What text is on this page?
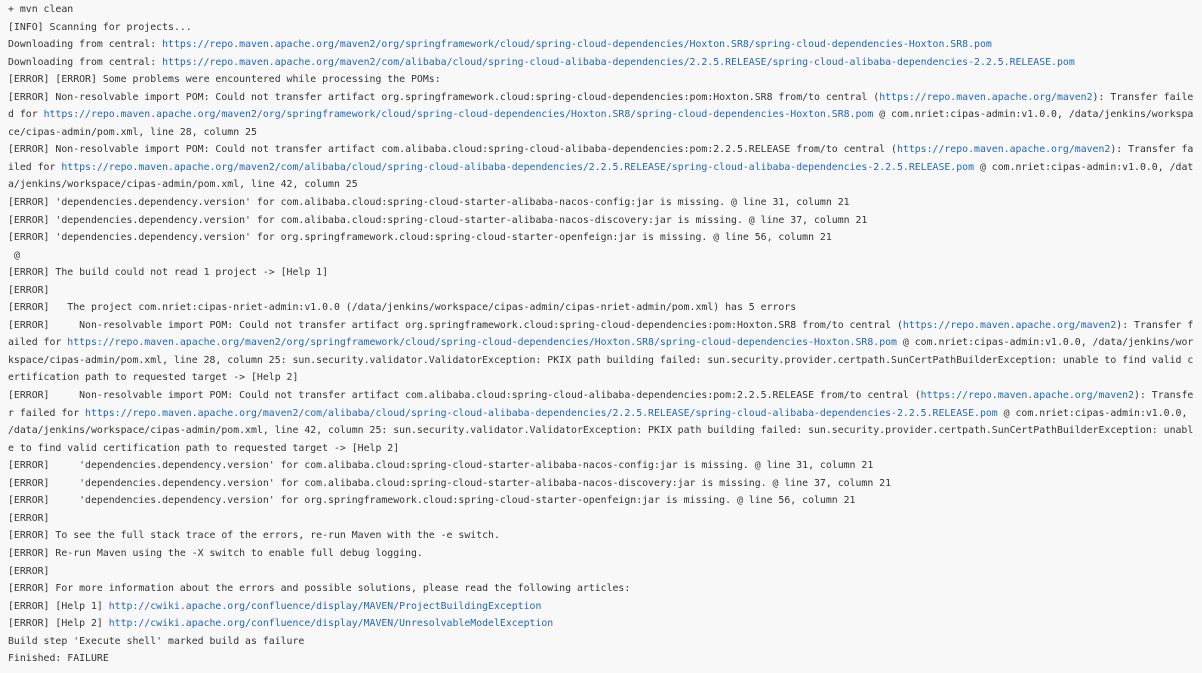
+ mvn clean
[INFO] Scanning for projects...
Downloading from central: https://repo.maven.apache.org/maven2/org/springframework/cloud/spring-cloud-dependencies/Hoxton.SR8/spring-cloud-dependencies-Hoxton.SR8.pom
Downloading from central: https://repo.maven.apache.org/maven2/com/alibaba/cloud/spring-cloud-alibaba-dependencies/2.2.5.RELEASE/spring-cloud-alibaba-dependencies-2.2.5.RELEASE.pom
[ERROR] [ERROR] Some problems were encountered while processing the POMs:
[ERROR] Non-resolvable import POM: Could not transfer artifact org.springframework.cloud:spring-cloud-dependencies:pom:Hoxton.SR8 from/to central (https://repo.maven.apache.org/maven2): Transfer failed for https://repo.maven.apache.org/maven2/org/springframework/cloud/spring-cloud-dependencies/Hoxton.SR8/spring-cloud-dependencies-Hoxton.SR8.pom @ com.nriet:cipas-admin:v1.0.0, /data/jenkins/workspace/cipas-admin/pom.xml, line 28, column 25
[ERROR] Non-resolvable import POM: Could not transfer artifact com.alibaba.cloud:spring-cloud-alibaba-dependencies:pom:2.2.5.RELEASE from/to central (https://repo.maven.apache.org/maven2): Transfer failed for https://repo.maven.apache.org/maven2/com/alibaba/cloud/spring-cloud-alibaba-dependencies/2.2.5.RELEASE/spring-cloud-alibaba-dependencies-2.2.5.RELEASE.pom @ com.nriet:cipas-admin:v1.0.0, /data/jenkins/workspace/cipas-admin/pom.xml, line 42, column 25
[ERROR] 'dependencies.dependency.version' for com.alibaba.cloud:spring-cloud-starter-alibaba-nacos-config:jar is missing. @ line 31, column 21
[ERROR] 'dependencies.dependency.version' for com.alibaba.cloud:spring-cloud-starter-alibaba-nacos-discovery:jar is missing. @ line 37, column 21
[ERROR] 'dependencies.dependency.version' for org.springframework.cloud:spring-cloud-starter-openfeign:jar is missing. @ line 56, column 21
@
[ERROR] The build could not read 1 project -> [Help 1]
[ERROR]
[ERROR]   The project com.nriet:cipas-nriet-admin:v1.0.0 (/data/jenkins/workspace/cipas-admin/cipas-nriet-admin/pom.xml) has 5 errors
[ERROR]     Non-resolvable import POM: Could not transfer artifact org.springframework.cloud:spring-cloud-dependencies:pom:Hoxton.SR8 from/to central (https://repo.maven.apache.org/maven2): Transfer failed for https://repo.maven.apache.org/maven2/org/springframework/cloud/spring-cloud-dependencies/Hoxton.SR8/spring-cloud-dependencies-Hoxton.SR8.pom @ com.nriet:cipas-admin:v1.0.0, /data/jenkins/workspace/cipas-admin/pom.xml, line 28, column 25: sun.security.validator.ValidatorException: PKIX path building failed: sun.security.provider.certpath.SunCertPathBuilderException: unable to find valid certification path to requested target -> [Help 2]
[ERROR]     Non-resolvable import POM: Could not transfer artifact com.alibaba.cloud:spring-cloud-alibaba-dependencies:pom:2.2.5.RELEASE from/to central (https://repo.maven.apache.org/maven2): Transfer failed for https://repo.maven.apache.org/maven2/com/alibaba/cloud/spring-cloud-alibaba-dependencies/2.2.5.RELEASE/spring-cloud-alibaba-dependencies-2.2.5.RELEASE.pom @ com.nriet:cipas-admin:v1.0.0, /data/jenkins/workspace/cipas-admin/pom.xml, line 42, column 25: sun.security.validator.ValidatorException: PKIX path building failed: sun.security.provider.certpath.SunCertPathBuilderException: unable to find valid certification path to requested target -> [Help 2]
[ERROR]     'dependencies.dependency.version' for com.alibaba.cloud:spring-cloud-starter-alibaba-nacos-config:jar is missing. @ line 31, column 21
[ERROR]     'dependencies.dependency.version' for com.alibaba.cloud:spring-cloud-starter-alibaba-nacos-discovery:jar is missing. @ line 37, column 21
[ERROR]     'dependencies.dependency.version' for org.springframework.cloud:spring-cloud-starter-openfeign:jar is missing. @ line 56, column 21
[ERROR]
[ERROR] To see the full stack trace of the errors, re-run Maven with the -e switch.
[ERROR] Re-run Maven using the -X switch to enable full debug logging.
[ERROR]
[ERROR] For more information about the errors and possible solutions, please read the following articles:
[ERROR] [Help 1] http://cwiki.apache.org/confluence/display/MAVEN/ProjectBuildingException
[ERROR] [Help 2] http://cwiki.apache.org/confluence/display/MAVEN/UnresolvableModelException
Build step 'Execute shell' marked build as failure
Finished: FAILURE
